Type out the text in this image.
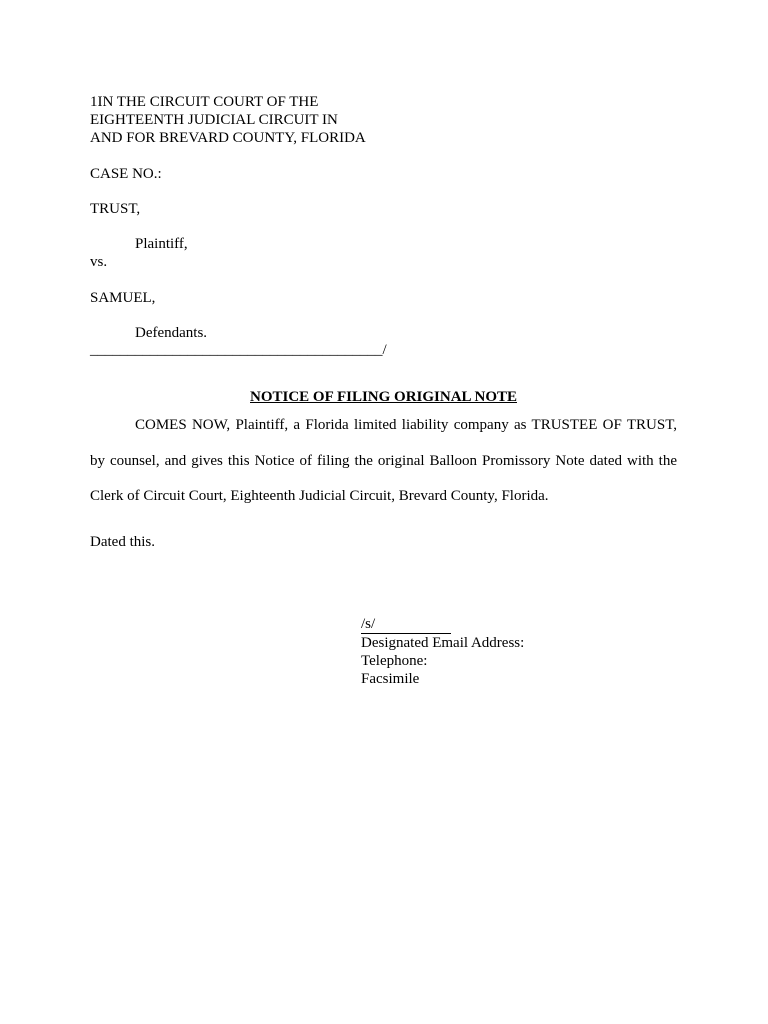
1IN THE CIRCUIT COURT OF THE
EIGHTEENTH JUDICIAL CIRCUIT IN
AND FOR BREVARD COUNTY, FLORIDA
CASE NO.:
TRUST,
Plaintiff,
vs.
SAMUEL,
Defendants.
_______________________________________/
NOTICE OF FILING ORIGINAL NOTE
COMES NOW, Plaintiff, a Florida limited liability company as TRUSTEE OF TRUST,
by counsel, and gives this Notice of filing the original Balloon Promissory Note dated with the
Clerk of Circuit Court, Eighteenth Judicial Circuit, Brevard County, Florida.
Dated this.
/s/
Designated Email Address:
Telephone:
Facsimile
